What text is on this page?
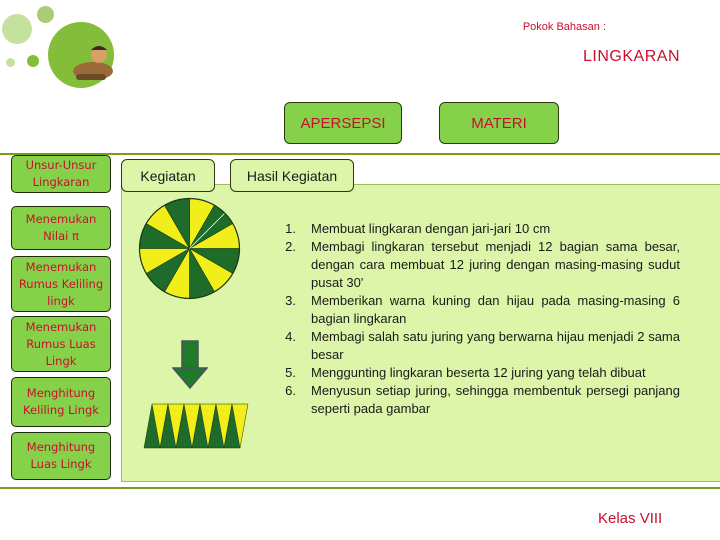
Pokok Bahasan :
LINGKARAN
APERSEPSI	MATERI
Unsur-Unsur Lingkaran
Menemukan Nilai π
Menemukan Rumus Keliling lingk
Menemukan Rumus Luas Lingk
Menghitung Keliling Lingk
Menghitung Luas Lingk
Kegiatan	Hasil Kegiatan
1. Membuat lingkaran dengan jari-jari 10 cm
2. Membagi lingkaran tersebut menjadi 12 bagian sama besar, dengan cara membuat 12 juring dengan masing-masing sudut pusat 30'
3. Memberikan warna kuning dan hijau pada masing-masing 6 bagian lingkaran
4. Membagi salah satu juring yang berwarna hijau menjadi 2 sama besar
5. Menggunting lingkaran beserta 12 juring yang telah dibuat
6. Menyusun setiap juring, sehingga membentuk persegi panjang seperti pada gambar
Kelas VIII
